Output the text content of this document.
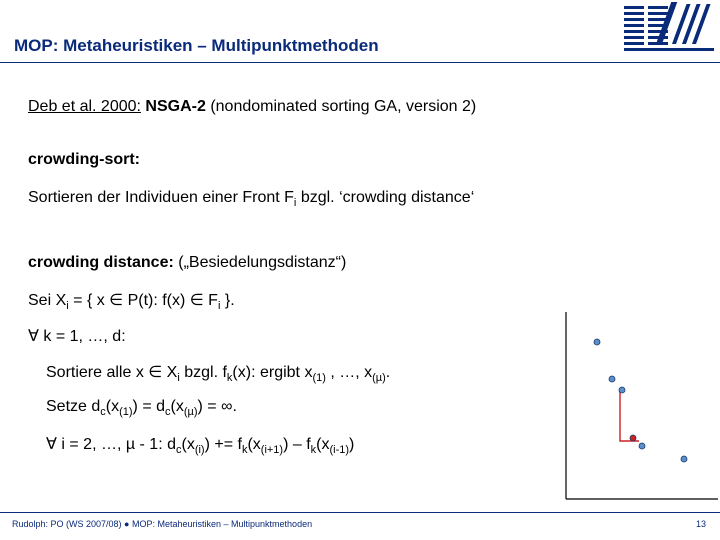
MOP: Metaheuristiken – Multipunktmethoden
Deb et al. 2000: NSGA-2 (nondominated sorting GA, version 2)
crowding-sort:
Sortieren der Individuen einer Front $F_i$ bzgl. ‘crowding distance‘
crowding distance: („Besiedelungsdistanz“)
Sei $X_i$ = { x ∈ P(t): f(x) ∈ $F_i$ }.
∀ k = 1, …, d:
Sortiere alle x ∈ $X_i$ bzgl. $f_k(x)$: ergibt $x_{(1)}$ , …, $x_{(\mu)}$.
Setze $d_c(x_{(1)}) = d_c(x_{(\mu)})$ = ∞.
∀ i = 2, …, µ - 1: $d_c(x_{(i)}) += f_k(x_{(i+1)}) - f_k(x_{(i-1)})$
Rudolph: PO (WS 2007/08) ● MOP: Metaheuristiken – Multipunktmethoden	13
